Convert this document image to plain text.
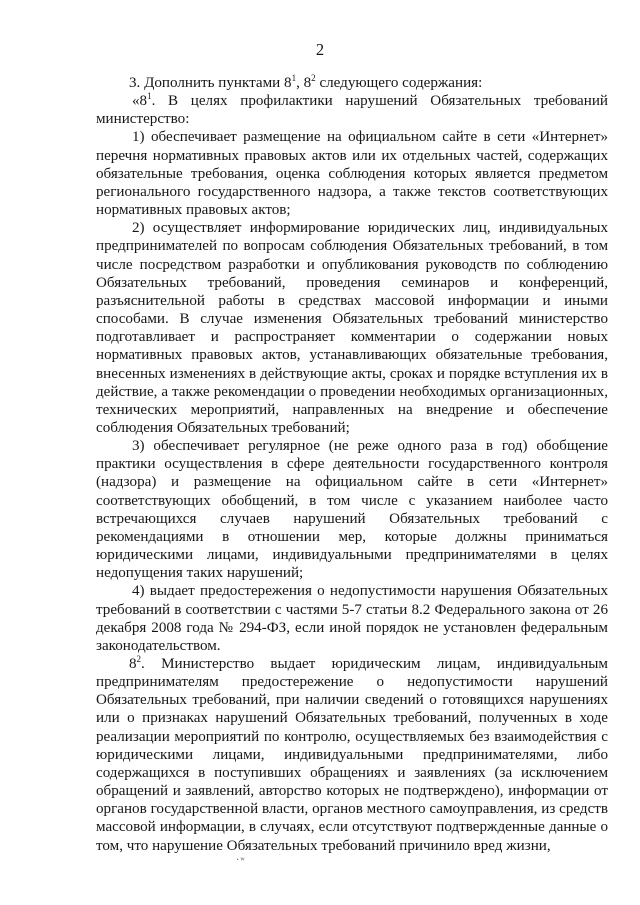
2

3. Дополнить пунктами $8^1$, $8^2$ следующего содержания:

«$8^1$. В целях профилактики нарушений Обязательных требований министерство:

1) обеспечивает размещение на официальном сайте в сети «Интернет» перечня нормативных правовых актов или их отдельных частей, содержащих обязательные требования, оценка соблюдения которых является предметом регионального государственного надзора, а также текстов соответствующих нормативных правовых актов;

2) осуществляет информирование юридических лиц, индивидуальных предпринимателей по вопросам соблюдения Обязательных требований, в том числе посредством разработки и опубликования руководств по соблюдению Обязательных требований, проведения семинаров и конференций, разъяснительной работы в средствах массовой информации и иными способами. В случае изменения Обязательных требований министерство подготавливает и распространяет комментарии о содержании новых нормативных правовых актов, устанавливающих обязательные требования, внесенных изменениях в действующие акты, сроках и порядке вступления их в действие, а также рекомендации о проведении необходимых организационных, технических мероприятий, направленных на внедрение и обеспечение соблюдения Обязательных требований;

3) обеспечивает регулярное (не реже одного раза в год) обобщение практики осуществления в сфере деятельности государственного контроля (надзора) и размещение на официальном сайте в сети «Интернет» соответствующих обобщений, в том числе с указанием наиболее часто встречающихся случаев нарушений Обязательных требований с рекомендациями в отношении мер, которые должны приниматься юридическими лицами, индивидуальными предпринимателями в целях недопущения таких нарушений;

4) выдает предостережения о недопустимости нарушения Обязательных требований в соответствии с частями 5-7 статьи 8.2 Федерального закона от 26 декабря 2008 года № 294-ФЗ, если иной порядок не установлен федеральным законодательством.

$8^2$. Министерство выдает юридическим лицам, индивидуальным предпринимателям предостережение о недопустимости нарушений Обязательных требований, при наличии сведений о готовящихся нарушениях или о признаках нарушений Обязательных требований, полученных в ходе реализации мероприятий по контролю, осуществляемых без взаимодействия с юридическими лицами, индивидуальными предпринимателями, либо содержащихся в поступивших обращениях и заявлениях (за исключением обращений и заявлений, авторство которых не подтверждено), информации от органов государственной власти, органов местного самоуправления, из средств массовой информации, в случаях, если отсутствуют подтвержденные данные о том, что нарушение Обязательных требований причинило вред жизни,

·ʷ
